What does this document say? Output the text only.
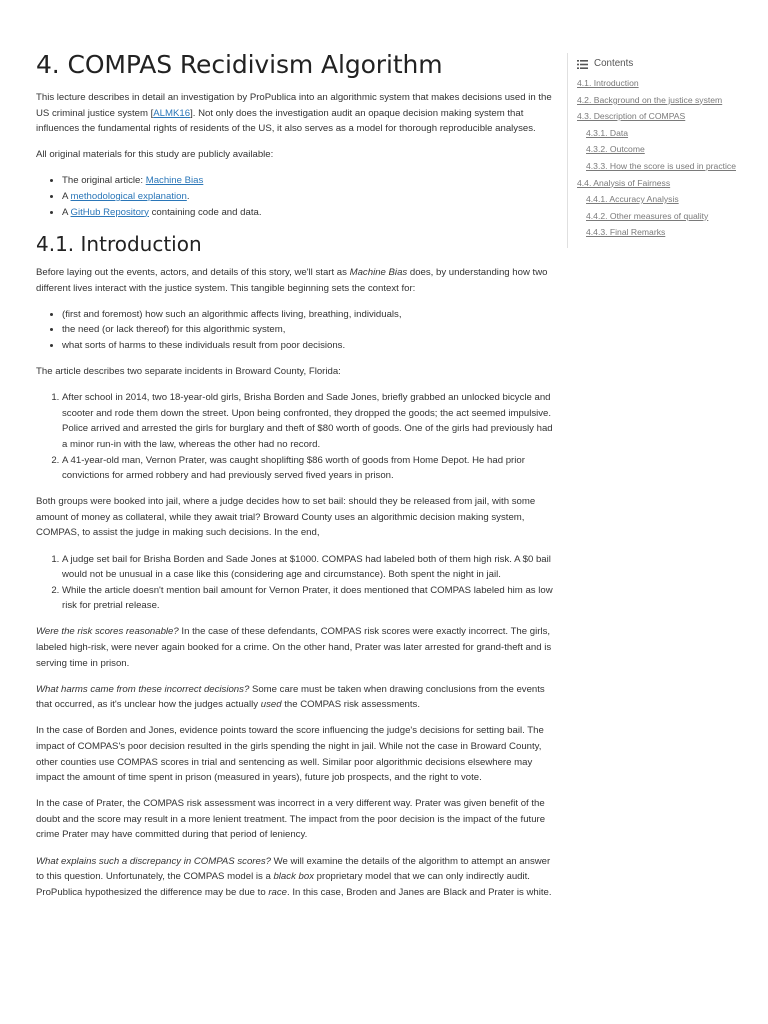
4. COMPAS Recidivism Algorithm

This lecture describes in detail an investigation by ProPublica into an algorithmic system that makes decisions used in the US criminal justice system [ALMK16]. Not only does the investigation audit an opaque decision making system that influences the fundamental rights of residents of the US, it also serves as a model for thorough reproducible analyses.

All original materials for this study are publicly available:

• The original article: Machine Bias
• A methodological explanation.
• A GitHub Repository containing code and data.
4.1. Introduction

Before laying out the events, actors, and details of this story, we'll start as Machine Bias does, by understanding how two different lives interact with the justice system. This tangible beginning sets the context for:

• (first and foremost) how such an algorithmic affects living, breathing, individuals,
• the need (or lack thereof) for this algorithmic system,
• what sorts of harms to these individuals result from poor decisions.

The article describes two separate incidents in Broward County, Florida:

1. After school in 2014, two 18-year-old girls, Brisha Borden and Sade Jones, briefly grabbed an unlocked bicycle and scooter and rode them down the street. Upon being confronted, they dropped the goods; the act seemed impulsive. Police arrived and arrested the girls for burglary and theft of $80 worth of goods. One of the girls had previously had a minor run-in with the law, whereas the other had no record.
2. A 41-year-old man, Vernon Prater, was caught shoplifting $86 worth of goods from Home Depot. He had prior convictions for armed robbery and had previously served fived years in prison.

Both groups were booked into jail, where a judge decides how to set bail: should they be released from jail, with some amount of money as collateral, while they await trial? Broward County uses an algorithmic decision making system, COMPAS, to assist the judge in making such decisions. In the end,

1. A judge set bail for Brisha Borden and Sade Jones at $1000. COMPAS had labeled both of them high risk. A $0 bail would not be unusual in a case like this (considering age and circumstance). Both spent the night in jail.
2. While the article doesn't mention bail amount for Vernon Prater, it does mentioned that COMPAS labeled him as low risk for pretrial release.

Were the risk scores reasonable? In the case of these defendants, COMPAS risk scores were exactly incorrect. The girls, labeled high-risk, were never again booked for a crime. On the other hand, Prater was later arrested for grand-theft and is serving time in prison.

What harms came from these incorrect decisions? Some care must be taken when drawing conclusions from the events that occurred, as it's unclear how the judges actually used the COMPAS risk assessments.

In the case of Borden and Jones, evidence points toward the score influencing the judge's decisions for setting bail. The impact of COMPAS's poor decision resulted in the girls spending the night in jail. While not the case in Broward County, other counties use COMPAS scores in trial and sentencing as well. Similar poor algorithmic decisions elsewhere may impact the amount of time spent in prison (measured in years), future job prospects, and the right to vote.

In the case of Prater, the COMPAS risk assessment was incorrect in a very different way. Prater was given benefit of the doubt and the score may result in a more lenient treatment. The impact from the poor decision is the impact of the future crime Prater may have committed during that period of leniency.

What explains such a discrepancy in COMPAS scores? We will examine the details of the algorithm to attempt an answer to this question. Unfortunately, the COMPAS model is a black box proprietary model that we can only indirectly audit. ProPublica hypothesized the difference may be due to race. In this case, Broden and Janes are Black and Prater is white.

Contents
4.1. Introduction
4.2. Background on the justice system
4.3. Description of COMPAS
4.3.1. Data
4.3.2. Outcome
4.3.3. How the score is used in practice
4.4. Analysis of Fairness
4.4.1. Accuracy Analysis
4.4.2. Other measures of quality
4.4.3. Final Remarks
